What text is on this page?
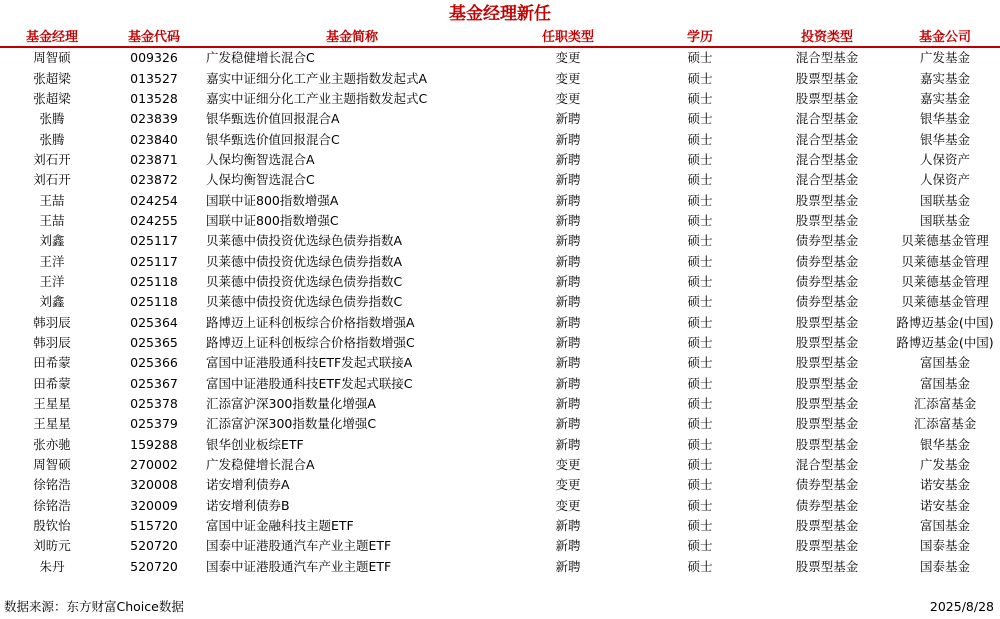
基金经理新任
基金经理	基金代码	基金简称	任职类型	学历	投资类型	基金公司
周智硕	009326	广发稳健增长混合C	变更	硕士	混合型基金	广发基金
张超梁	013527	嘉实中证细分化工产业主题指数发起式A	变更	硕士	股票型基金	嘉实基金
张超梁	013528	嘉实中证细分化工产业主题指数发起式C	变更	硕士	股票型基金	嘉实基金
张腾	023839	银华甄选价值回报混合A	新聘	硕士	混合型基金	银华基金
张腾	023840	银华甄选价值回报混合C	新聘	硕士	混合型基金	银华基金
刘石开	023871	人保均衡智选混合A	新聘	硕士	混合型基金	人保资产
刘石开	023872	人保均衡智选混合C	新聘	硕士	混合型基金	人保资产
王喆	024254	国联中证800指数增强A	新聘	硕士	股票型基金	国联基金
王喆	024255	国联中证800指数增强C	新聘	硕士	股票型基金	国联基金
刘鑫	025117	贝莱德中债投资优选绿色债券指数A	新聘	硕士	债券型基金	贝莱德基金管理
王洋	025117	贝莱德中债投资优选绿色债券指数A	新聘	硕士	债券型基金	贝莱德基金管理
王洋	025118	贝莱德中债投资优选绿色债券指数C	新聘	硕士	债券型基金	贝莱德基金管理
刘鑫	025118	贝莱德中债投资优选绿色债券指数C	新聘	硕士	债券型基金	贝莱德基金管理
韩羽辰	025364	路博迈上证科创板综合价格指数增强A	新聘	硕士	股票型基金	路博迈基金(中国)
韩羽辰	025365	路博迈上证科创板综合价格指数增强C	新聘	硕士	股票型基金	路博迈基金(中国)
田希蒙	025366	富国中证港股通科技ETF发起式联接A	新聘	硕士	股票型基金	富国基金
田希蒙	025367	富国中证港股通科技ETF发起式联接C	新聘	硕士	股票型基金	富国基金
王星星	025378	汇添富沪深300指数量化增强A	新聘	硕士	股票型基金	汇添富基金
王星星	025379	汇添富沪深300指数量化增强C	新聘	硕士	股票型基金	汇添富基金
张亦驰	159288	银华创业板综ETF	新聘	硕士	股票型基金	银华基金
周智硕	270002	广发稳健增长混合A	变更	硕士	混合型基金	广发基金
徐铭浩	320008	诺安增利债券A	变更	硕士	债券型基金	诺安基金
徐铭浩	320009	诺安增利债券B	变更	硕士	债券型基金	诺安基金
殷钦怡	515720	富国中证金融科技主题ETF	新聘	硕士	股票型基金	富国基金
刘昉元	520720	国泰中证港股通汽车产业主题ETF	新聘	硕士	股票型基金	国泰基金
朱丹	520720	国泰中证港股通汽车产业主题ETF	新聘	硕士	股票型基金	国泰基金
数据来源：东方财富Choice数据	2025/8/28
